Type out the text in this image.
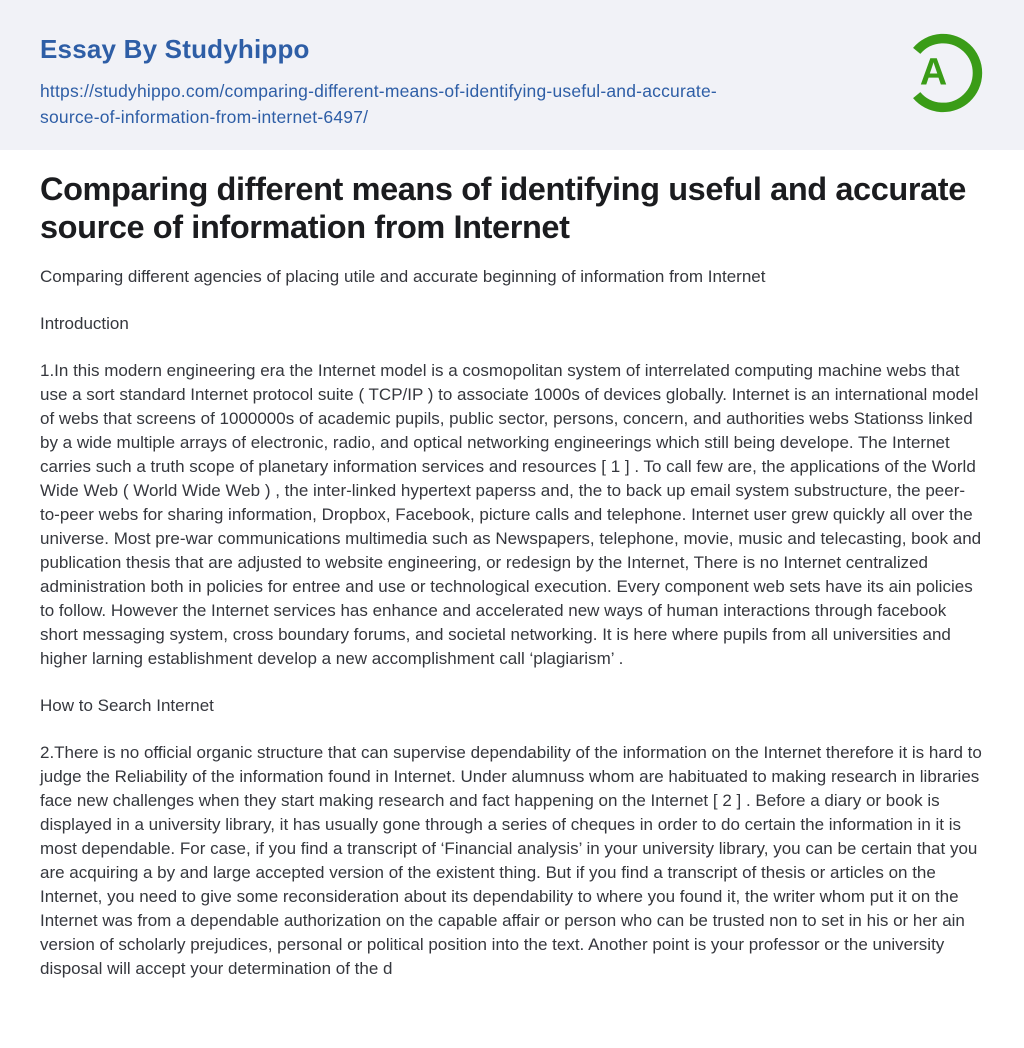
Essay By Studyhippo
https://studyhippo.com/comparing-different-means-of-identifying-useful-and-accurate-
source-of-information-from-internet-6497/
A
Comparing different means of identifying useful and accurate source of information from Internet

Comparing different agencies of placing utile and accurate beginning of information from Internet

Introduction

1.In this modern engineering era the Internet model is a cosmopolitan system of interrelated computing machine webs that use a sort standard Internet protocol suite ( TCP/IP ) to associate 1000s of devices globally. Internet is an international model of webs that screens of 1000000s of academic pupils, public sector, persons, concern, and authorities webs Stationss linked by a wide multiple arrays of electronic, radio, and optical networking engineerings which still being develope. The Internet carries such a truth scope of planetary information services and resources [ 1 ] . To call few are, the applications of the World Wide Web ( World Wide Web ) , the inter-linked hypertext paperss and, the to back up email system substructure, the peer-to-peer webs for sharing information, Dropbox, Facebook, picture calls and telephone. Internet user grew quickly all over the universe. Most pre-war communications multimedia such as Newspapers, telephone, movie, music and telecasting, book and publication thesis that are adjusted to website engineering, or redesign by the Internet, There is no Internet centralized administration both in policies for entree and use or technological execution. Every component web sets have its ain policies to follow. However the Internet services has enhance and accelerated new ways of human interactions through facebook short messaging system, cross boundary forums, and societal networking. It is here where pupils from all universities and higher larning establishment develop a new accomplishment call ‘plagiarism’ .

How to Search Internet

2.There is no official organic structure that can supervise dependability of the information on the Internet therefore it is hard to judge the Reliability of the information found in Internet. Under alumnuss whom are habituated to making research in libraries face new challenges when they start making research and fact happening on the Internet [ 2 ] . Before a diary or book is displayed in a university library, it has usually gone through a series of cheques in order to do certain the information in it is most dependable. For case, if you find a transcript of ‘Financial analysis’ in your university library, you can be certain that you are acquiring a by and large accepted version of the existent thing. But if you find a transcript of thesis or articles on the Internet, you need to give some reconsideration about its dependability to where you found it, the writer whom put it on the Internet was from a dependable authorization on the capable affair or person who can be trusted non to set in his or her ain version of scholarly prejudices, personal or political position into the text. Another point is your professor or the university disposal will accept your determination of the d
